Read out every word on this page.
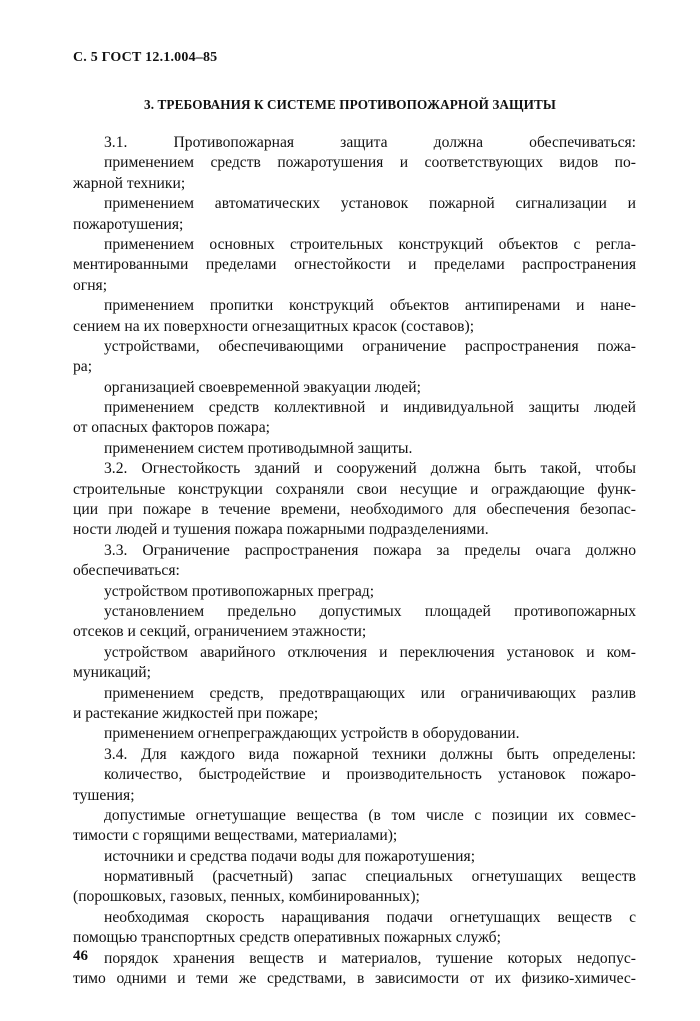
С. 5 ГОСТ 12.1.004–85
3. ТРЕБОВАНИЯ К СИСТЕМЕ ПРОТИВОПОЖАРНОЙ ЗАЩИТЫ
3.1. Противопожарная защита должна обеспечиваться:
применением средств пожаротушения и соответствующих видов по-
жарной техники;
применением автоматических установок пожарной сигнализации и
пожаротушения;
применением основных строительных конструкций объектов с регла-
ментированными пределами огнестойкости и пределами распространения
огня;
применением пропитки конструкций объектов антипиренами и нане-
сением на их поверхности огнезащитных красок (составов);
устройствами, обеспечивающими ограничение распространения пожа-
ра;
организацией своевременной эвакуации людей;
применением средств коллективной и индивидуальной защиты людей
от опасных факторов пожара;
применением систем противодымной защиты.
3.2. Огнестойкость зданий и сооружений должна быть такой, чтобы
строительные конструкции сохраняли свои несущие и ограждающие функ-
ции при пожаре в течение времени, необходимого для обеспечения безопас-
ности людей и тушения пожара пожарными подразделениями.
3.3. Ограничение распространения пожара за пределы очага должно
обеспечиваться:
устройством противопожарных преград;
установлением предельно допустимых площадей противопожарных
отсеков и секций, ограничением этажности;
устройством аварийного отключения и переключения установок и ком-
муникаций;
применением средств, предотвращающих или ограничивающих разлив
и растекание жидкостей при пожаре;
применением огнепреграждающих устройств в оборудовании.
3.4. Для каждого вида пожарной техники должны быть определены:
количество, быстродействие и производительность установок пожаро-
тушения;
допустимые огнетушащие вещества (в том числе с позиции их совмес-
тимости с горящими веществами, материалами);
источники и средства подачи воды для пожаротушения;
нормативный (расчетный) запас специальных огнетушащих веществ
(порошковых, газовых, пенных, комбинированных);
необходимая скорость наращивания подачи огнетушащих веществ с
помощью транспортных средств оперативных пожарных служб;
порядок хранения веществ и материалов, тушение которых недопус-
тимо одними и теми же средствами, в зависимости от их физико-химичес-
46
